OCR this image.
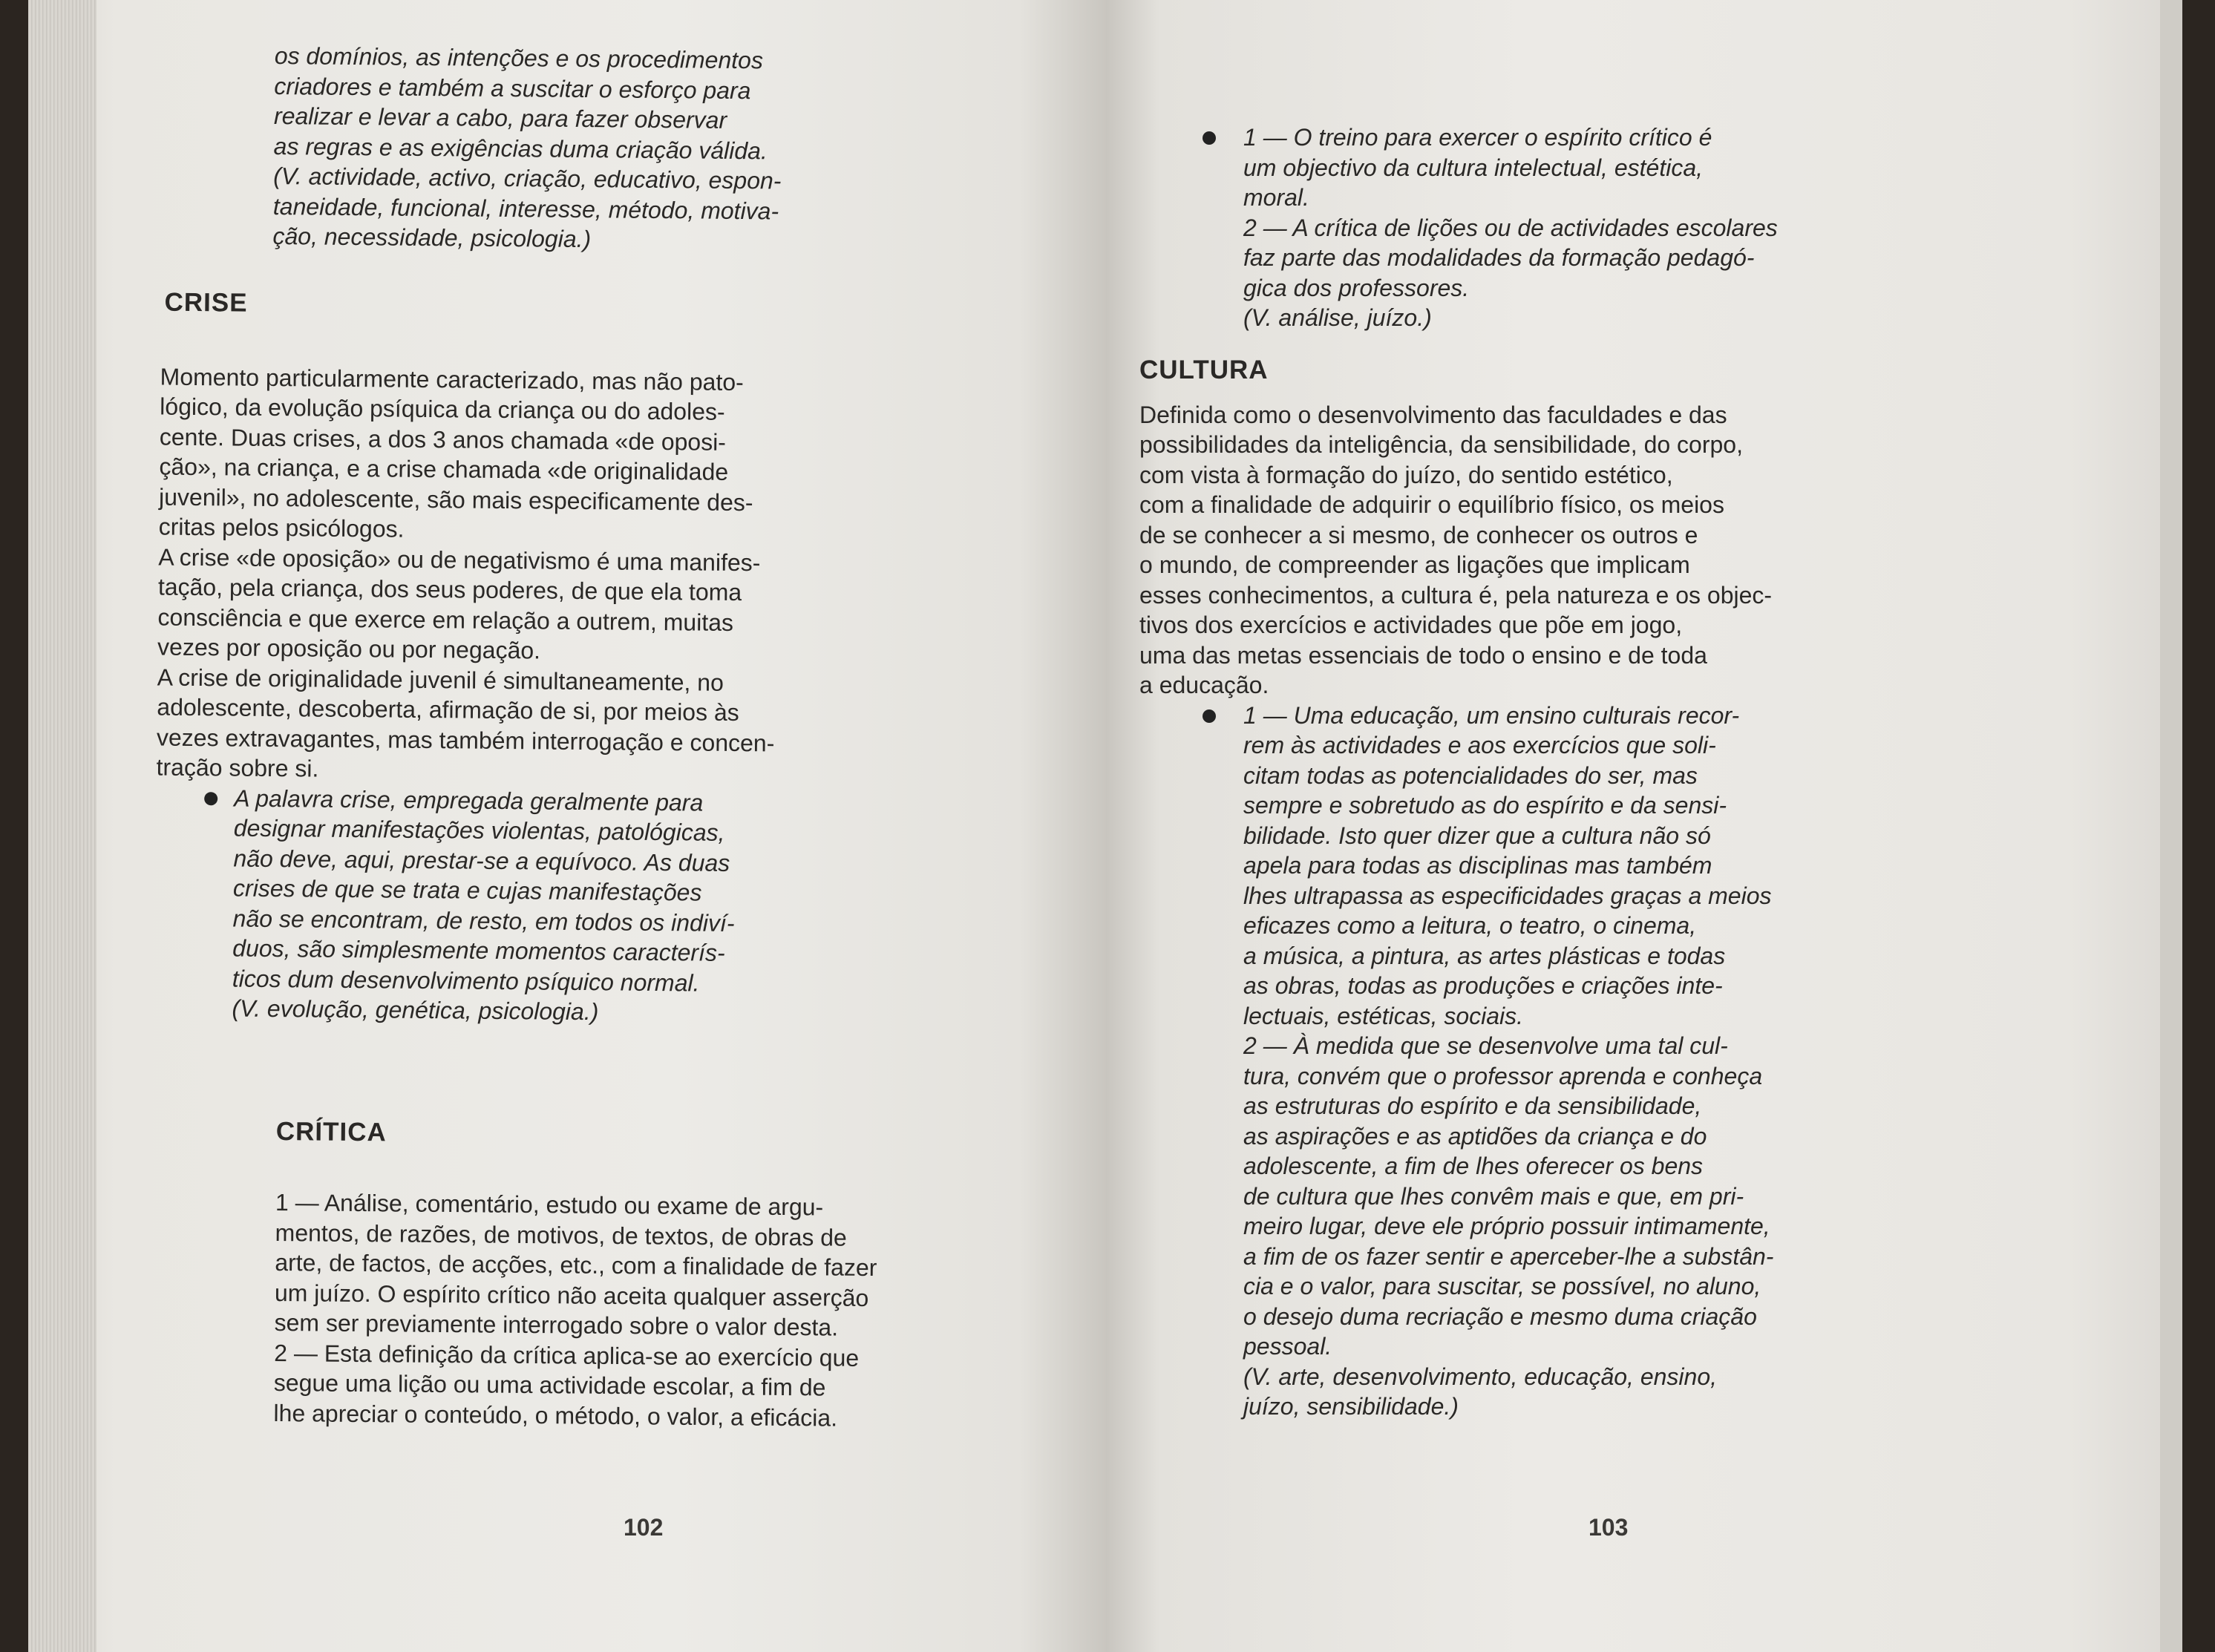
os domínios, as intenções e os procedimentos

criadores e também a suscitar o esforço para

realizar e levar a cabo, para fazer observar

as regras e as exigências duma criação válida.

(V. actividade, activo, criação, educativo, espon-

taneidade, funcional, interesse, método, motiva-

ção, necessidade, psicologia.)

CRISE

Momento particularmente caracterizado, mas não pato-

lógico, da evolução psíquica da criança ou do adoles-

cente. Duas crises, a dos 3 anos chamada «de oposi-

ção», na criança, e a crise chamada «de originalidade

juvenil», no adolescente, são mais especificamente des-

critas pelos psicólogos.

A crise «de oposição» ou de negativismo é uma manifes-

tação, pela criança, dos seus poderes, de que ela toma

consciência e que exerce em relação a outrem, muitas

vezes por oposição ou por negação.

A crise de originalidade juvenil é simultaneamente, no

adolescente, descoberta, afirmação de si, por meios às

vezes extravagantes, mas também interrogação e concen-

tração sobre si.

A palavra crise, empregada geralmente para

designar manifestações violentas, patológicas,

não deve, aqui, prestar-se a equívoco. As duas

crises de que se trata e cujas manifestações

não se encontram, de resto, em todos os indiví-

duos, são simplesmente momentos caracterís-

ticos dum desenvolvimento psíquico normal.

(V. evolução, genética, psicologia.)

CRÍTICA

1 — Análise, comentário, estudo ou exame de argu-

mentos, de razões, de motivos, de textos, de obras de

arte, de factos, de acções, etc., com a finalidade de fazer

um juízo. O espírito crítico não aceita qualquer asserção

sem ser previamente interrogado sobre o valor desta.

2 — Esta definição da crítica aplica-se ao exercício que

segue uma lição ou uma actividade escolar, a fim de

lhe apreciar o conteúdo, o método, o valor, a eficácia.

102

1 — O treino para exercer o espírito crítico é

um objectivo da cultura intelectual, estética,

moral.

2 — A crítica de lições ou de actividades escolares

faz parte das modalidades da formação pedagó-

gica dos professores.

(V. análise, juízo.)

CULTURA

Definida como o desenvolvimento das faculdades e das

possibilidades da inteligência, da sensibilidade, do corpo,

com vista à formação do juízo, do sentido estético,

com a finalidade de adquirir o equilíbrio físico, os meios

de se conhecer a si mesmo, de conhecer os outros e

o mundo, de compreender as ligações que implicam

esses conhecimentos, a cultura é, pela natureza e os objec-

tivos dos exercícios e actividades que põe em jogo,

uma das metas essenciais de todo o ensino e de toda

a educação.

1 — Uma educação, um ensino culturais recor-

rem às actividades e aos exercícios que soli-

citam todas as potencialidades do ser, mas

sempre e sobretudo as do espírito e da sensi-

bilidade. Isto quer dizer que a cultura não só

apela para todas as disciplinas mas também

lhes ultrapassa as especificidades graças a meios

eficazes como a leitura, o teatro, o cinema,

a música, a pintura, as artes plásticas e todas

as obras, todas as produções e criações inte-

lectuais, estéticas, sociais.

2 — À medida que se desenvolve uma tal cul-

tura, convém que o professor aprenda e conheça

as estruturas do espírito e da sensibilidade,

as aspirações e as aptidões da criança e do

adolescente, a fim de lhes oferecer os bens

de cultura que lhes convêm mais e que, em pri-

meiro lugar, deve ele próprio possuir intimamente,

a fim de os fazer sentir e aperceber-lhe a substân-

cia e o valor, para suscitar, se possível, no aluno,

o desejo duma recriação e mesmo duma criação

pessoal.

(V. arte, desenvolvimento, educação, ensino,

juízo, sensibilidade.)

103
